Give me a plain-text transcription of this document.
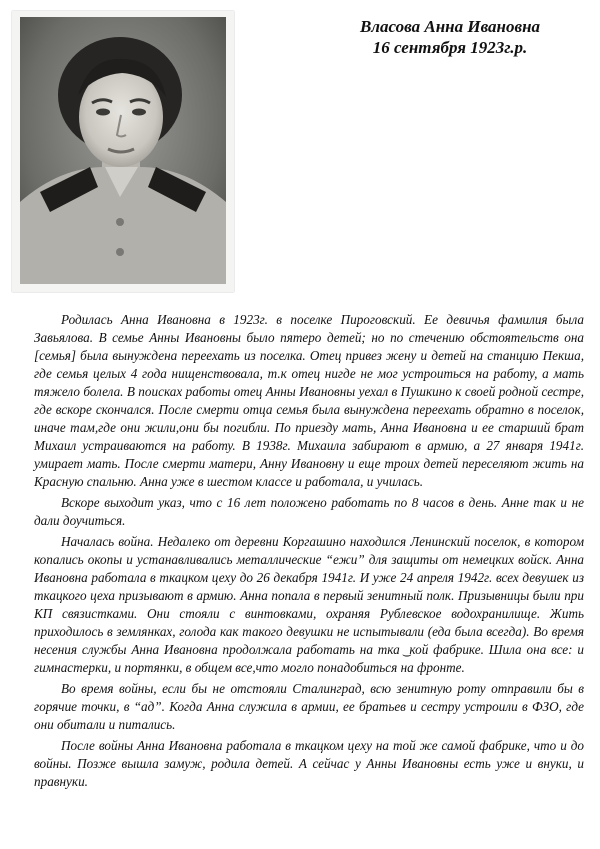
Власова Анна Ивановна
16 сентября 1923г.р.

Родилась Анна Ивановна в 1923г. в поселке Пироговский. Ее девичья фамилия была Завьялова. В семье Анны Ивановны было пятеро детей; но по стечению обстоятельств она [семья] была вынуждена переехать из поселка. Отец привез жену и детей на станцию Пекша, где семья целых 4 года нищенствовала, т.к отец нигде не мог устроиться на работу, а мать тяжело болела. В поисках работы отец Анны Ивановны уехал в Пушкино к своей родной сестре, где вскоре скончался. После смерти отца семья была вынуждена переехать обратно в поселок, иначе там,где они жили,они бы погибли. По приезду мать, Анна Ивановна и ее старший брат Михаил устраиваются на работу. В 1938г. Михаила забирают в армию, а 27 января 1941г. умирает мать. После смерти матери, Анну Ивановну и еще троих детей переселяют жить на Красную спальню. Анна уже в шестом классе и работала, и училась.

Вскоре выходит указ, что с 16 лет положено работать по 8 часов в день. Анне так и не дали доучиться.

Началась война. Недалеко от деревни Коргашино находился Ленинский поселок, в котором копались окопы и устанавливались металлические “ежи” для защиты от немецких войск. Анна Ивановна работала в ткацком цеху до 26 декабря 1941г. И уже 24 апреля 1942г. всех девушек из ткацкого цеха призывают в армию. Анна попала в первый зенитный полк. Призывницы были при КП связистками. Они стояли с винтовками, охраняя Рублевское водохранилище. Жить приходилось в землянках, голода как такого девушки не испытывали (еда была всегда). Во время несения службы Анна Ивановна продолжала работать на тка ͜ кой фабрике. Шила она все: и гимнастерки, и портянки, в общем все,что могло понадобиться на фронте.

Во время войны, если бы не отстояли Сталинград, всю зенитную роту отправили бы в горячие точки, в “ад”. Когда Анна служила в армии, ее братьев и сестру устроили в ФЗО, где они обитали и питались.

После войны Анна Ивановна работала в ткацком цеху на той же самой фабрике, что и до войны. Позже вышла замуж, родила детей. А сейчас у Анны Ивановны есть уже и внуки, и правнуки.
